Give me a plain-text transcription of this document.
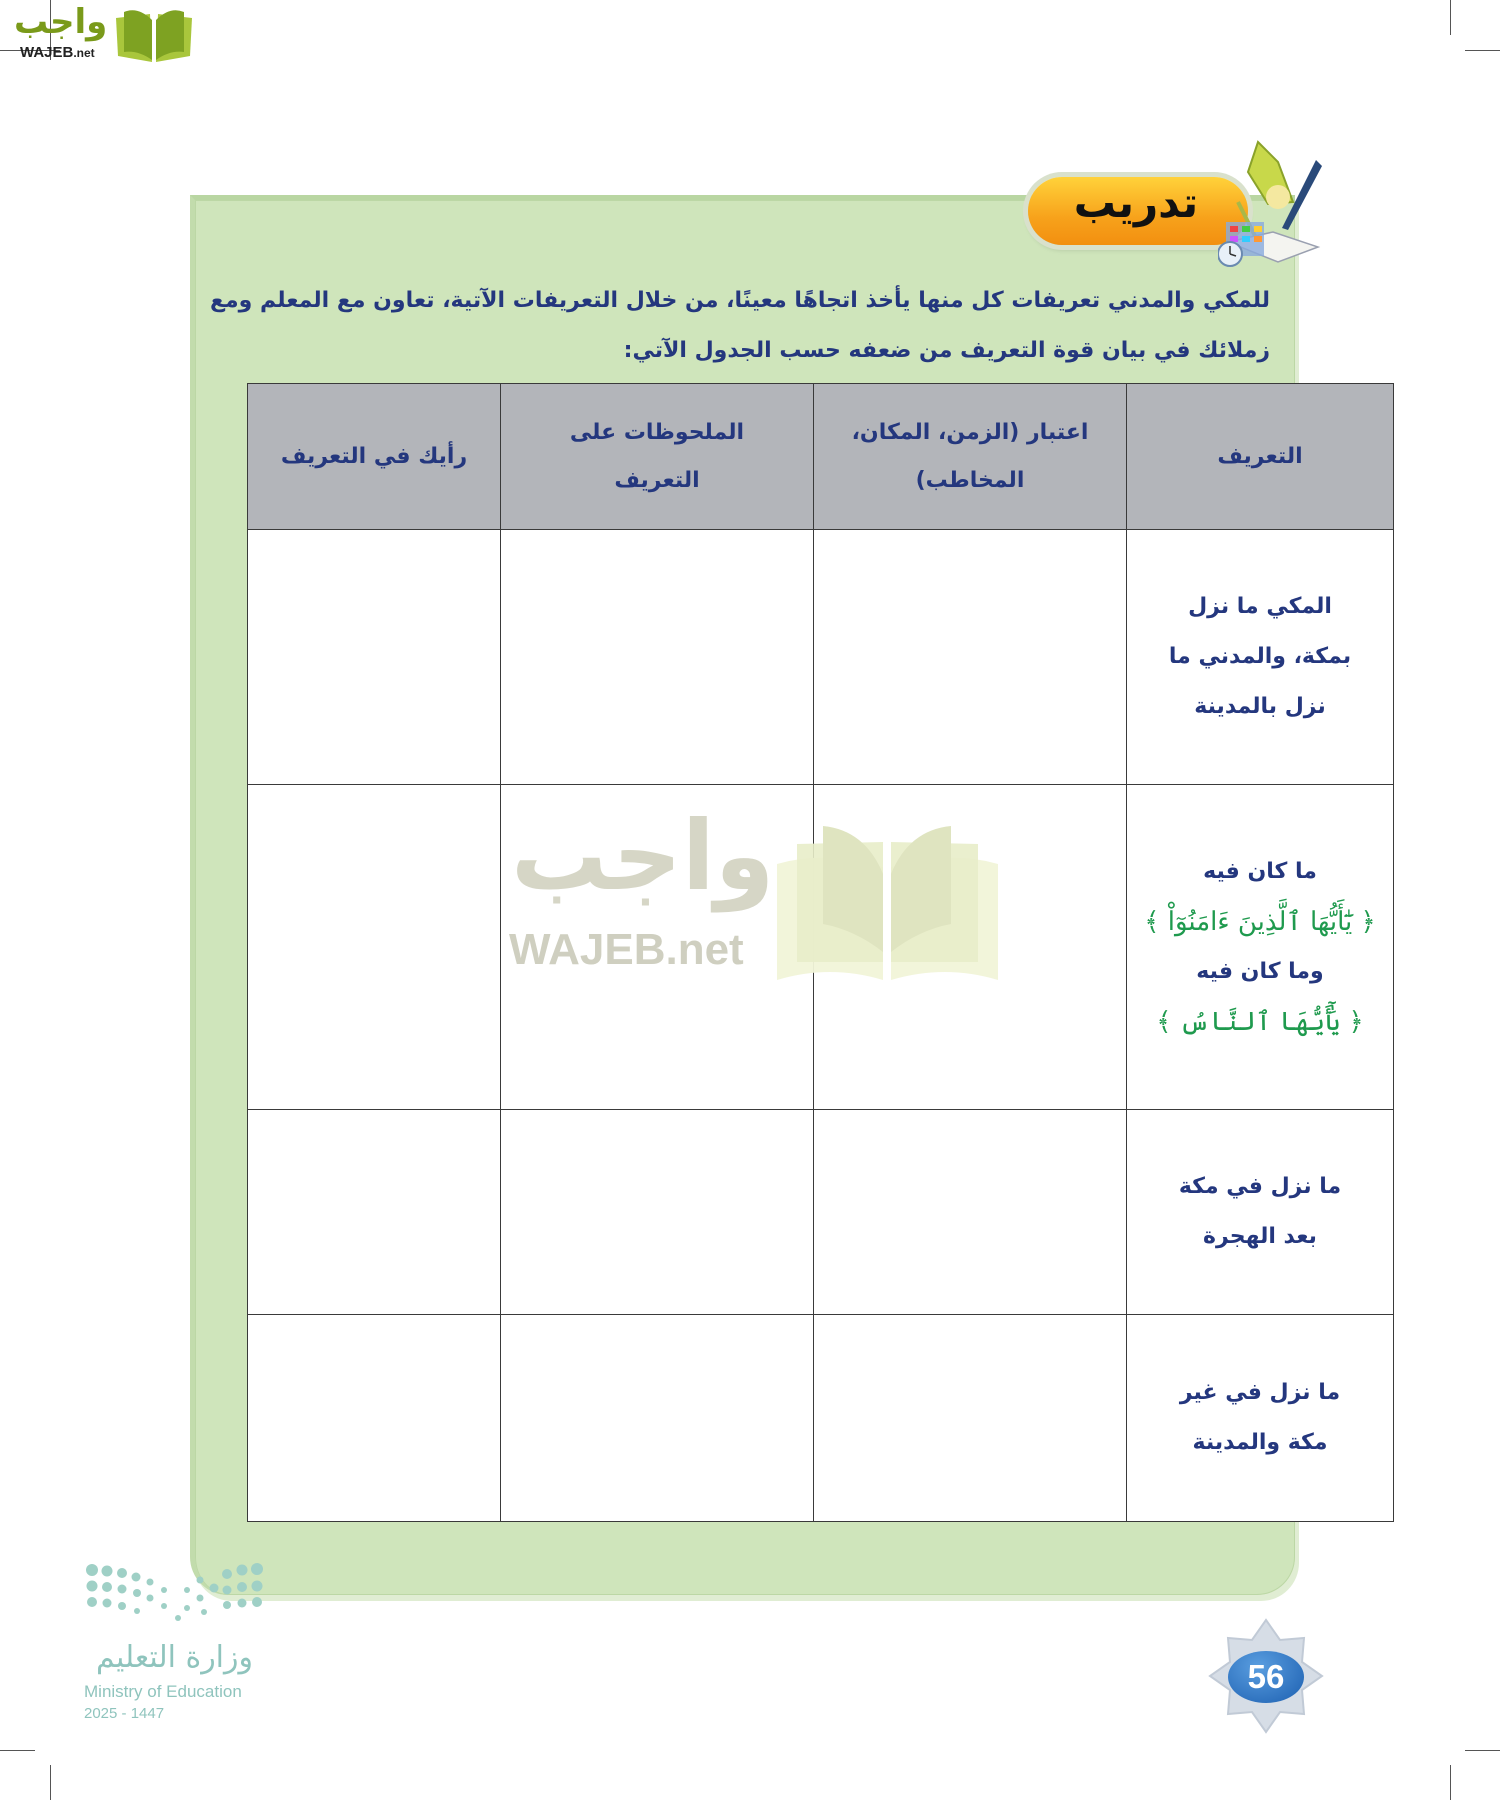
واجب
WAJEB.net
تدريب
للمكي والمدني تعريفات كل منها يأخذ اتجاهًا معينًا، من خلال التعريفات الآتية، تعاون مع المعلم ومع زملائك في بيان قوة التعريف من ضعفه حسب الجدول الآتي:
التعريف	اعتبار (الزمن، المكان، المخاطب)	الملحوظات على التعريف	رأيك في التعريف
المكي ما نزل بمكة، والمدني ما نزل بالمدينة			

ما كان فيه
﴿ يَٰٓأَيُّهَا ٱلَّذِينَ ءَامَنُوٓاْ ﴾
وما كان فيه
﴿ يَٰٓأَيُّهَا ٱلنَّاسُ ﴾			

ما نزل في مكة بعد الهجرة			
ما نزل في غير مكة والمدينة			
واجب
WAJEB.net
وزارة التعليم
Ministry of Education
2025 - 1447
56
